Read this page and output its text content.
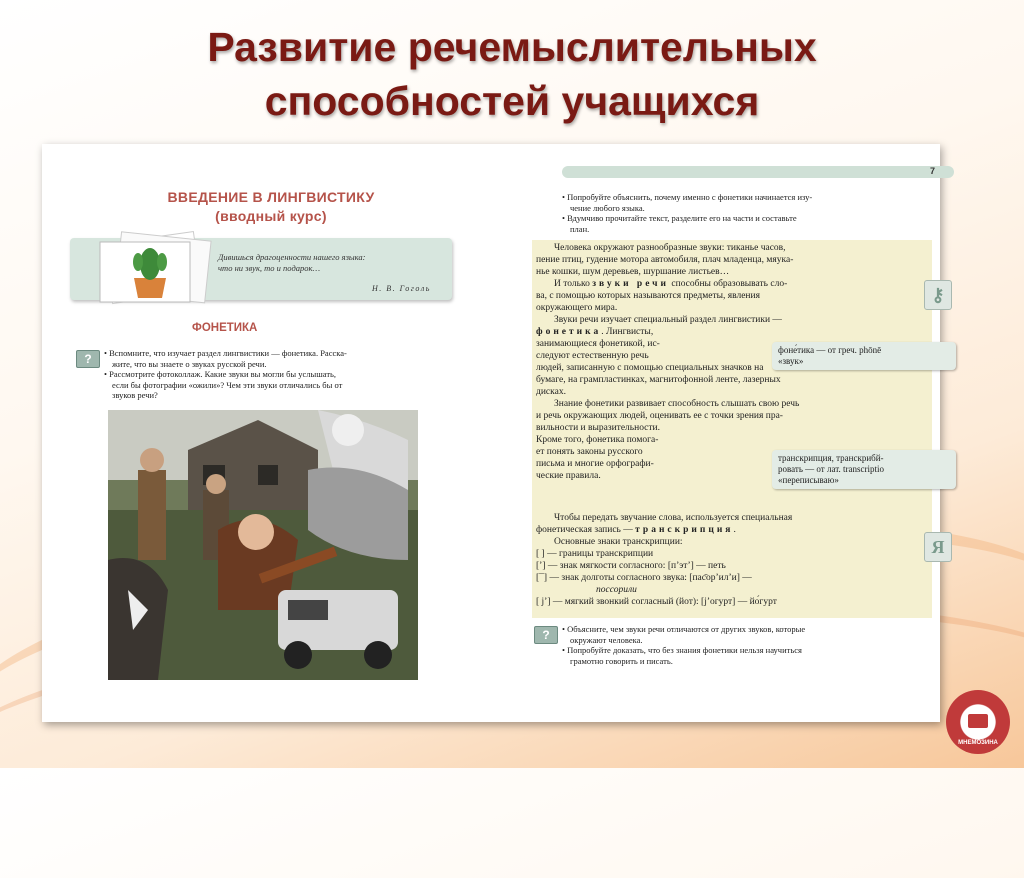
Развитие речемыслительных
способностей учащихся
ВВЕДЕНИЕ В ЛИНГВИСТИКУ
(вводный курс)
Дивишься драгоценности нашего языка:
что ни звук, то и подарок…
Н. В. Гоголь
ФОНЕТИКА
?	• Вспомните, что изучает раздел лингвистики — фонетика. Расска-
жите, что вы знаете о звуках русской речи.
• Рассмотрите фотоколлаж. Какие звуки вы могли бы услышать,
если бы фотографии «ожили»? Чем эти звуки отличались бы от
звуков речи?
7
• Попробуйте объяснить, почему именно с фонетики начинается изу-
чение любого языка.
• Вдумчиво прочитайте текст, разделите его на части и составьте
план.
Человека окружают разнообразные звуки: тиканье часов,
пение птиц, гудение мотора автомобиля, плач младенца, мяука-
нье кошки, шум деревьев, шуршание листьев…
И только звуки речи способны образовывать сло-
ва, с помощью которых называются предметы, явления
окружающего мира.
Звуки речи изучает специальный раздел лингвистики —
фонетика. Лингвисты,
занимающиеся фонетикой, ис-
следуют естественную речь
людей, записанную с помощью специальных значков на
бумаге, на грампластинках, магнитофонной ленте, лазерных
дисках.
Знание фонетики развивает способность слышать свою речь
и речь окружающих людей, оценивать ее с точки зрения пра-
вильности и выразительности.
Кроме того, фонетика помога-
ет понять законы русского
письма и многие орфографи-
ческие правила.
⚷
фоне́тика — от греч. phōnē
«звук»
транскрипция, транскрибй-
ровать — от лат. transcriptio
«переписываю»
Чтобы передать звучание слова, используется специальная
фонетическая запись — транскрипция.
Основные знаки транскрипции:
[ ] — границы транскрипции
[’] — знак мягкости согласного: [п’эт’] — петь
[¯] — знак долготы согласного звука: [пас̄ор’ил’и] —
поссорили
[ j’] — мягкий звонкий согласный (йот): [j’огурт] — йо́гурт
Я
?	• Объясните, чем звуки речи отличаются от других звуков, которые
окружают человека.
• Попробуйте доказать, что без знания фонетики нельзя научиться
грамотно говорить и писать.
МНЕМОЗИНА
